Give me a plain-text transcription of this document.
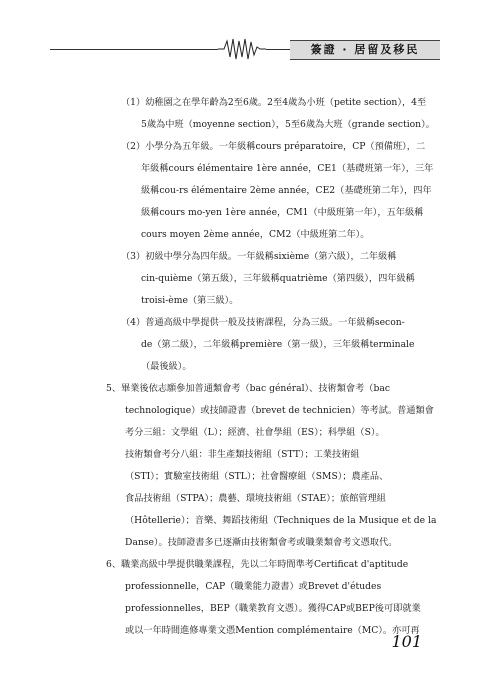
簽證 · 居留及移民
（1）幼稚園之在學年齡為2至6歲。2至4歲為小班（petite section），4至
5歲為中班（moyenne section），5至6歲為大班（grande section）。
（2）小學分為五年級。一年級稱cours préparatoire，CP（預備班），二
年級稱cours élémentaire 1ère année，CE1（基礎班第一年），三年
級稱cou-rs élémentaire 2ème année，CE2（基礎班第二年），四年
級稱cours mo-yen 1ère année，CM1（中級班第一年），五年級稱
cours moyen 2ème année，CM2（中級班第二年）。
（3）初級中學分為四年級。一年級稱sixième（第六級），二年級稱
cin-quième（第五級），三年級稱quatrième（第四級），四年級稱
troisi-ème（第三級）。
（4）普通高級中學提供一般及技術課程，分為三級。一年級稱secon-
de（第二級），二年級稱première（第一級），三年級稱terminale
（最後級）。
5、畢業後依志願參加普通類會考（bac général）、技術類會考（bac
technologique）或技師證書（brevet de technicien）等考試。普通類會
考分三組：文學組（L）；經濟、社會學組（ES）；科學組（S）。
技術類會考分八組：非生產類技術組（STT）；工業技術組
（STI）；實驗室技術組（STL）；社會醫療組（SMS）；農產品、
食品技術組（STPA）；農藝、環境技術組（STAE）；旅館管理組
（Hôtellerie）；音樂、舞蹈技術組（Techniques de la Musique et de la
Danse）。技師證書多已逐漸由技術類會考或職業類會考文憑取代。
6、職業高級中學提供職業課程，先以二年時間準考Certificat d'aptitude
professionnelle，CAP（職業能力證書）或Brevet d'études
professionnelles，BEP（職業教育文憑）。獲得CAP或BEP後可即就業
或以一年時間進修專業文憑Mention complémentaire（MC）。亦可再
101
